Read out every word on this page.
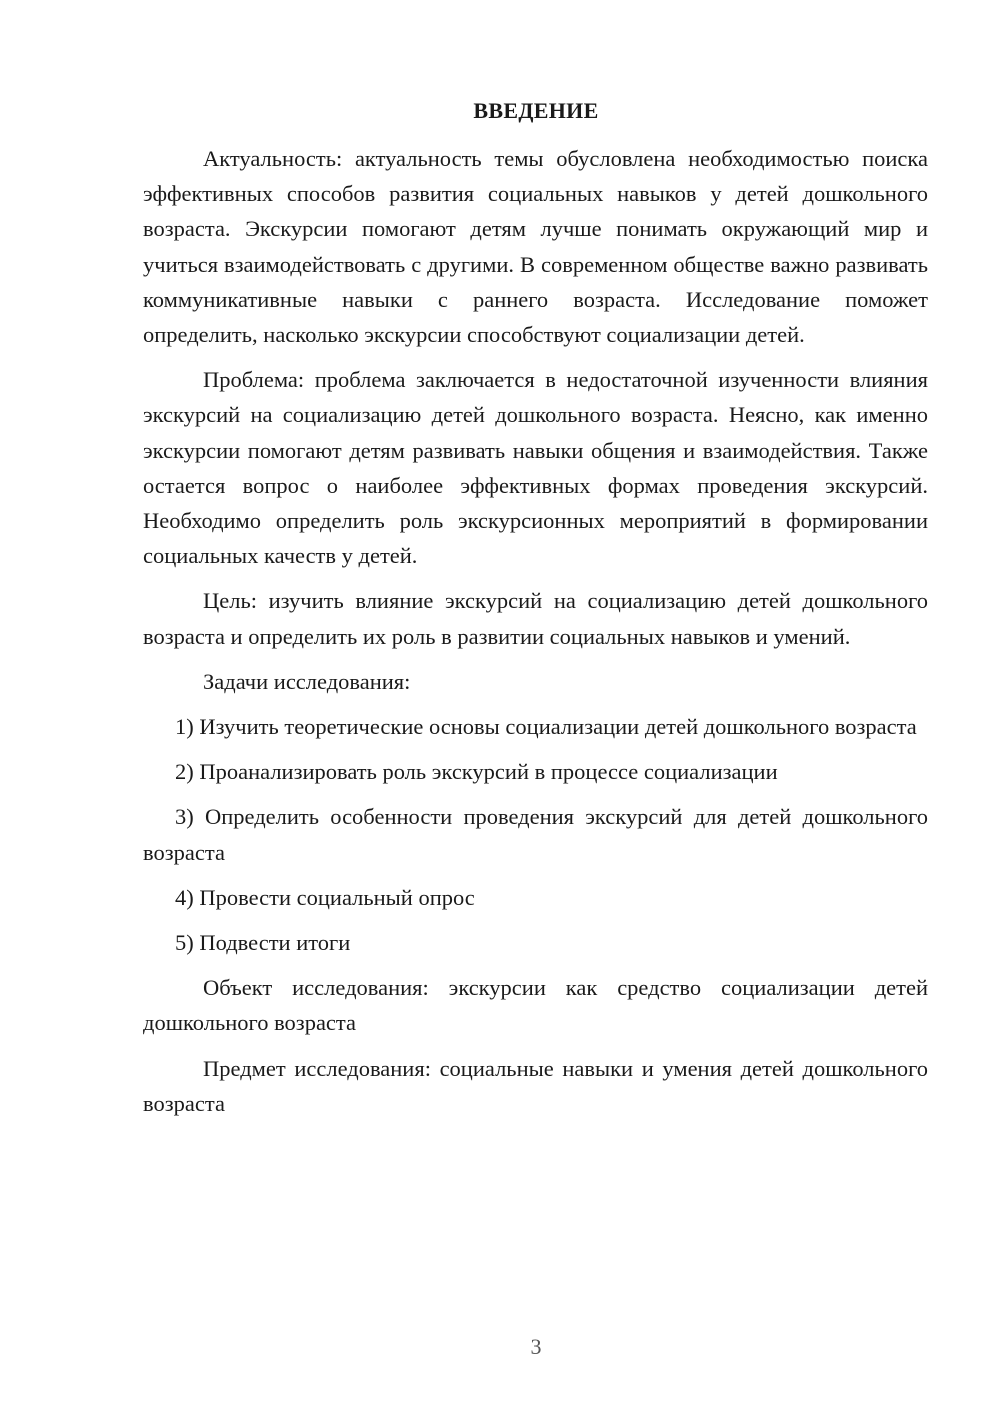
ВВЕДЕНИЕ

Актуальность: актуальность темы обусловлена необходимостью поиска эффективных способов развития социальных навыков у детей дошкольного возраста. Экскурсии помогают детям лучше понимать окружающий мир и учиться взаимодействовать с другими. В современном обществе важно развивать коммуникативные навыки с раннего возраста. Исследование поможет определить, насколько экскурсии способствуют социализации детей.

Проблема: проблема заключается в недостаточной изученности влияния экскурсий на социализацию детей дошкольного возраста. Неясно, как именно экскурсии помогают детям развивать навыки общения и взаимодействия. Также остается вопрос о наиболее эффективных формах проведения экскурсий. Необходимо определить роль экскурсионных мероприятий в формировании социальных качеств у детей.

Цель: изучить влияние экскурсий на социализацию детей дошкольного возраста и определить их роль в развитии социальных навыков и умений.

Задачи исследования:

1) Изучить теоретические основы социализации детей дошкольного возраста

2) Проанализировать роль экскурсий в процессе социализации

3) Определить особенности проведения экскурсий для детей дошкольного возраста

4) Провести социальный опрос

5) Подвести итоги

Объект исследования: экскурсии как средство социализации детей дошкольного возраста

Предмет исследования: социальные навыки и умения детей дошкольного возраста

3
